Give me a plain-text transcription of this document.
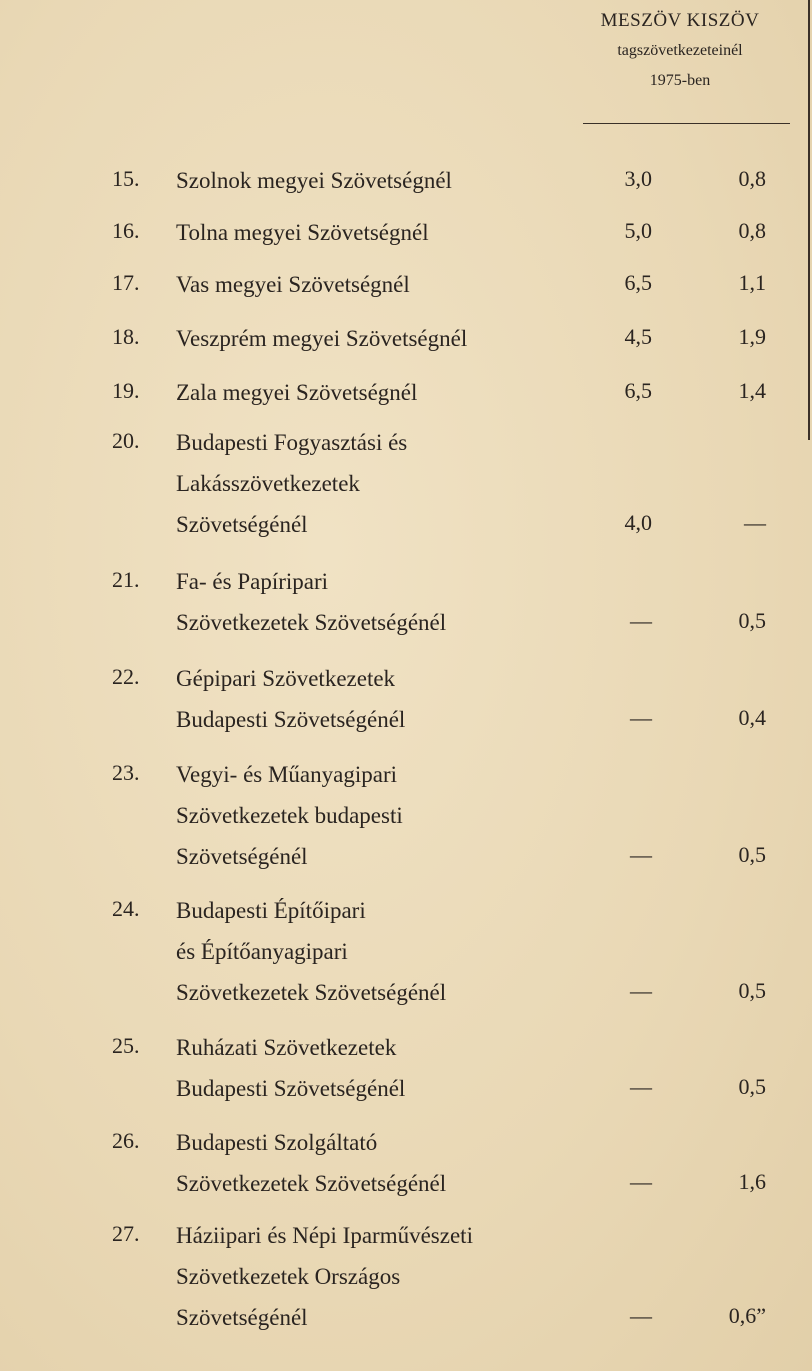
MESZÖV KISZÖV
tagszövetkezeteinél
1975-ben
15.	Szolnok megyei Szövetségnél	3,0	0,8
16.	Tolna megyei Szövetségnél	5,0	0,8
17.	Vas megyei Szövetségnél	6,5	1,1
18.	Veszprém megyei Szövetségnél	4,5	1,9
19.	Zala megyei Szövetségnél	6,5	1,4
20.	Budapesti Fogyasztási és
Lakásszövetkezetek
Szövetségénél	4,0	—
21.	Fa- és Papíripari
Szövetkezetek Szövetségénél	—	0,5
22.	Gépipari Szövetkezetek
Budapesti Szövetségénél	—	0,4
23.	Vegyi- és Műanyagipari
Szövetkezetek budapesti
Szövetségénél	—	0,5
24.	Budapesti Építőipari
és Építőanyagipari
Szövetkezetek Szövetségénél	—	0,5
25.	Ruházati Szövetkezetek
Budapesti Szövetségénél	—	0,5
26.	Budapesti Szolgáltató
Szövetkezetek Szövetségénél	—	1,6
27.	Háziipari és Népi Iparművészeti
Szövetkezetek Országos
Szövetségénél	—	0,6”
